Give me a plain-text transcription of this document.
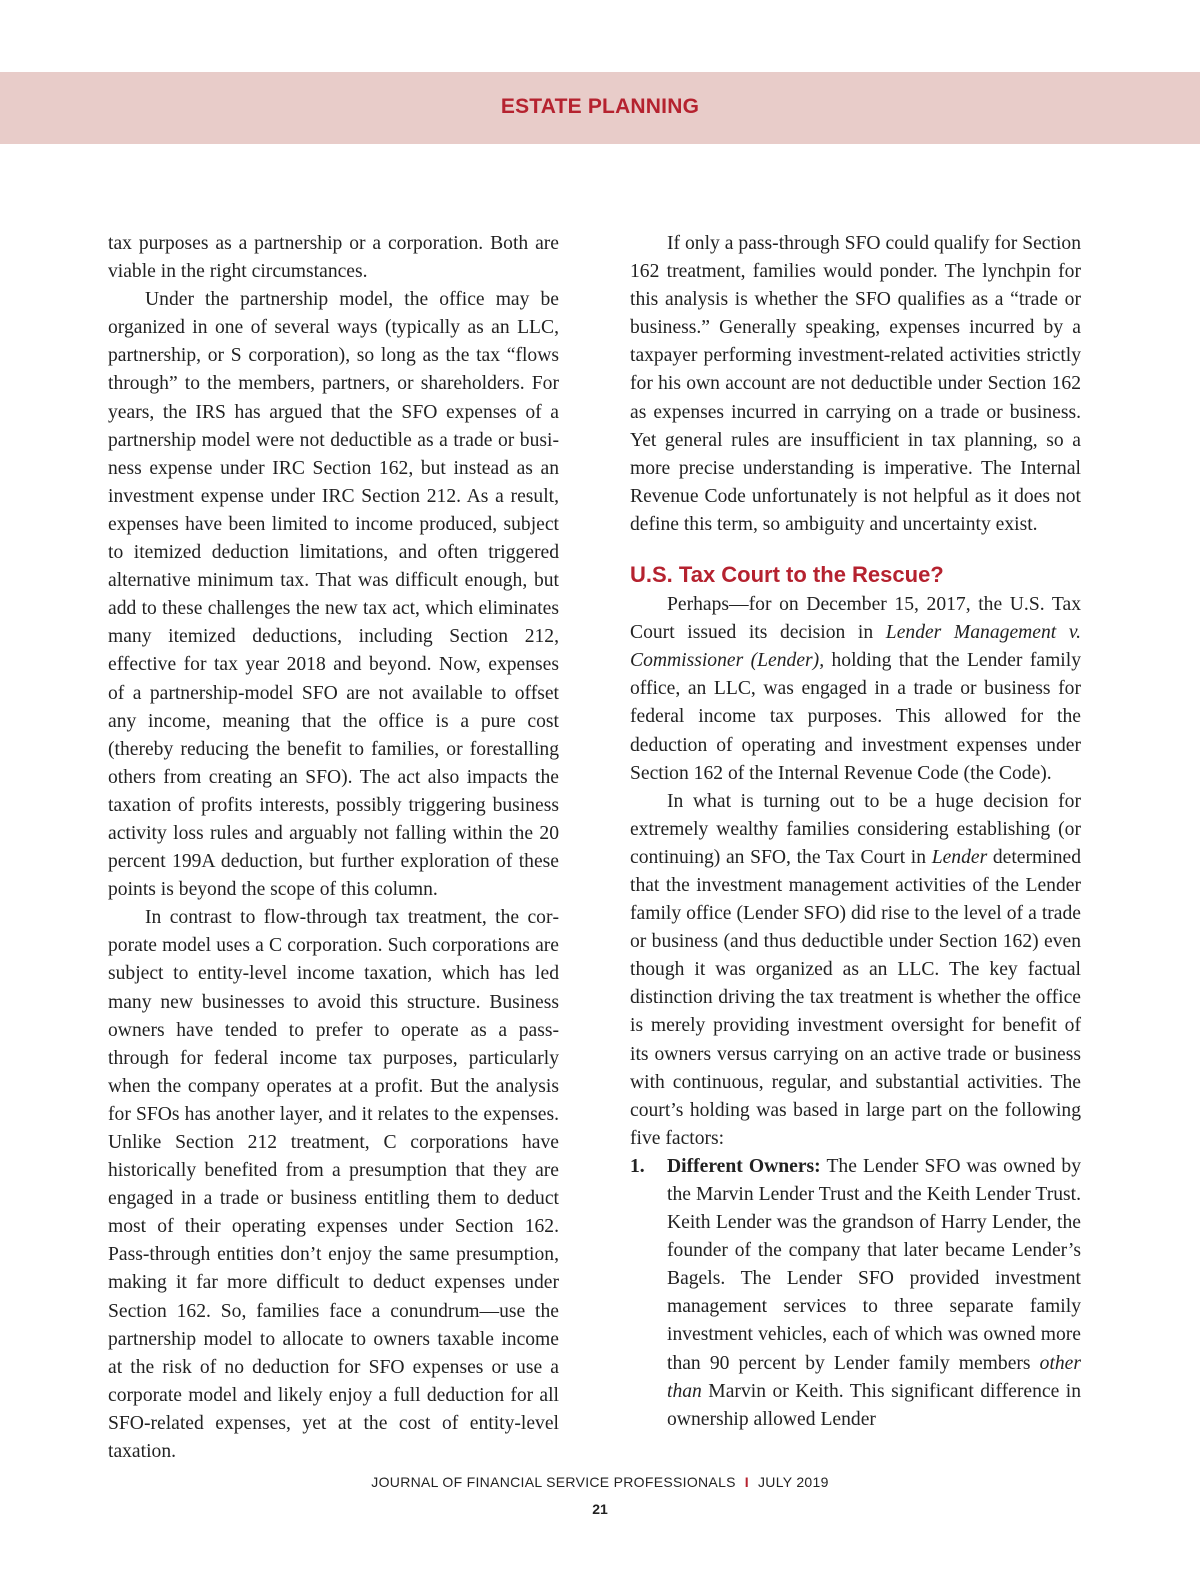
ESTATE PLANNING

tax purposes as a partnership or a corporation. Both are viable in the right circumstances.

Under the partnership model, the office may be organized in one of several ways (typically as an LLC, partnership, or S corporation), so long as the tax “flows through” to the members, partners, or shareholders. For years, the IRS has argued that the SFO expenses of a partnership model were not deductible as a trade or business expense under IRC Section 162, but instead as an investment expense under IRC Section 212. As a result, expenses have been limited to income produced, subject to itemized deduction limitations, and often triggered alternative minimum tax. That was difficult enough, but add to these challenges the new tax act, which eliminates many itemized deductions, including Section 212, effective for tax year 2018 and beyond. Now, expenses of a partnership-model SFO are not available to offset any income, meaning that the office is a pure cost (thereby reducing the benefit to families, or forestalling others from creating an SFO). The act also impacts the taxation of profits interests, possibly triggering business activity loss rules and arguably not falling within the 20 percent 199A deduction, but further exploration of these points is beyond the scope of this column.

In contrast to flow-through tax treatment, the corporate model uses a C corporation. Such corporations are subject to entity-level income taxation, which has led many new businesses to avoid this structure. Business owners have tended to prefer to operate as a pass-through for federal income tax purposes, particularly when the company operates at a profit. But the analysis for SFOs has another layer, and it relates to the expenses. Unlike Section 212 treatment, C corporations have historically benefited from a presumption that they are engaged in a trade or business entitling them to deduct most of their operating expenses under Section 162. Pass-through entities don’t enjoy the same presumption, making it far more difficult to deduct expenses under Section 162. So, families face a conundrum—use the partnership model to allocate to owners taxable income at the risk of no deduction for SFO expenses or use a corporate model and likely enjoy a full deduction for all SFO-related expenses, yet at the cost of entity-level taxation.

If only a pass-through SFO could qualify for Section 162 treatment, families would ponder. The lynchpin for this analysis is whether the SFO qualifies as a “trade or business.” Generally speaking, expenses incurred by a taxpayer performing investment-related activities strictly for his own account are not deductible under Section 162 as expenses incurred in carrying on a trade or business. Yet general rules are insufficient in tax planning, so a more precise understanding is imperative. The Internal Revenue Code unfortunately is not helpful as it does not define this term, so ambiguity and uncertainty exist.

U.S. Tax Court to the Rescue?

Perhaps—for on December 15, 2017, the U.S. Tax Court issued its decision in Lender Management v. Commissioner (Lender), holding that the Lender family office, an LLC, was engaged in a trade or business for federal income tax purposes. This allowed for the deduction of operating and investment expenses under Section 162 of the Internal Revenue Code (the Code).

In what is turning out to be a huge decision for extremely wealthy families considering establishing (or continuing) an SFO, the Tax Court in Lender determined that the investment management activities of the Lender family office (Lender SFO) did rise to the level of a trade or business (and thus deductible under Section 162) even though it was organized as an LLC. The key factual distinction driving the tax treatment is whether the office is merely providing investment oversight for benefit of its owners versus carrying on an active trade or business with continuous, regular, and substantial activities. The court’s holding was based in large part on the following five factors:

1. Different Owners: The Lender SFO was owned by the Marvin Lender Trust and the Keith Lender Trust. Keith Lender was the grandson of Harry Lender, the founder of the company that later became Lender’s Bagels. The Lender SFO provided investment management services to three separate family investment vehicles, each of which was owned more than 90 percent by Lender family members other than Marvin or Keith. This significant difference in ownership allowed Lender
JOURNAL OF FINANCIAL SERVICE PROFESSIONALS I JULY 2019
21
